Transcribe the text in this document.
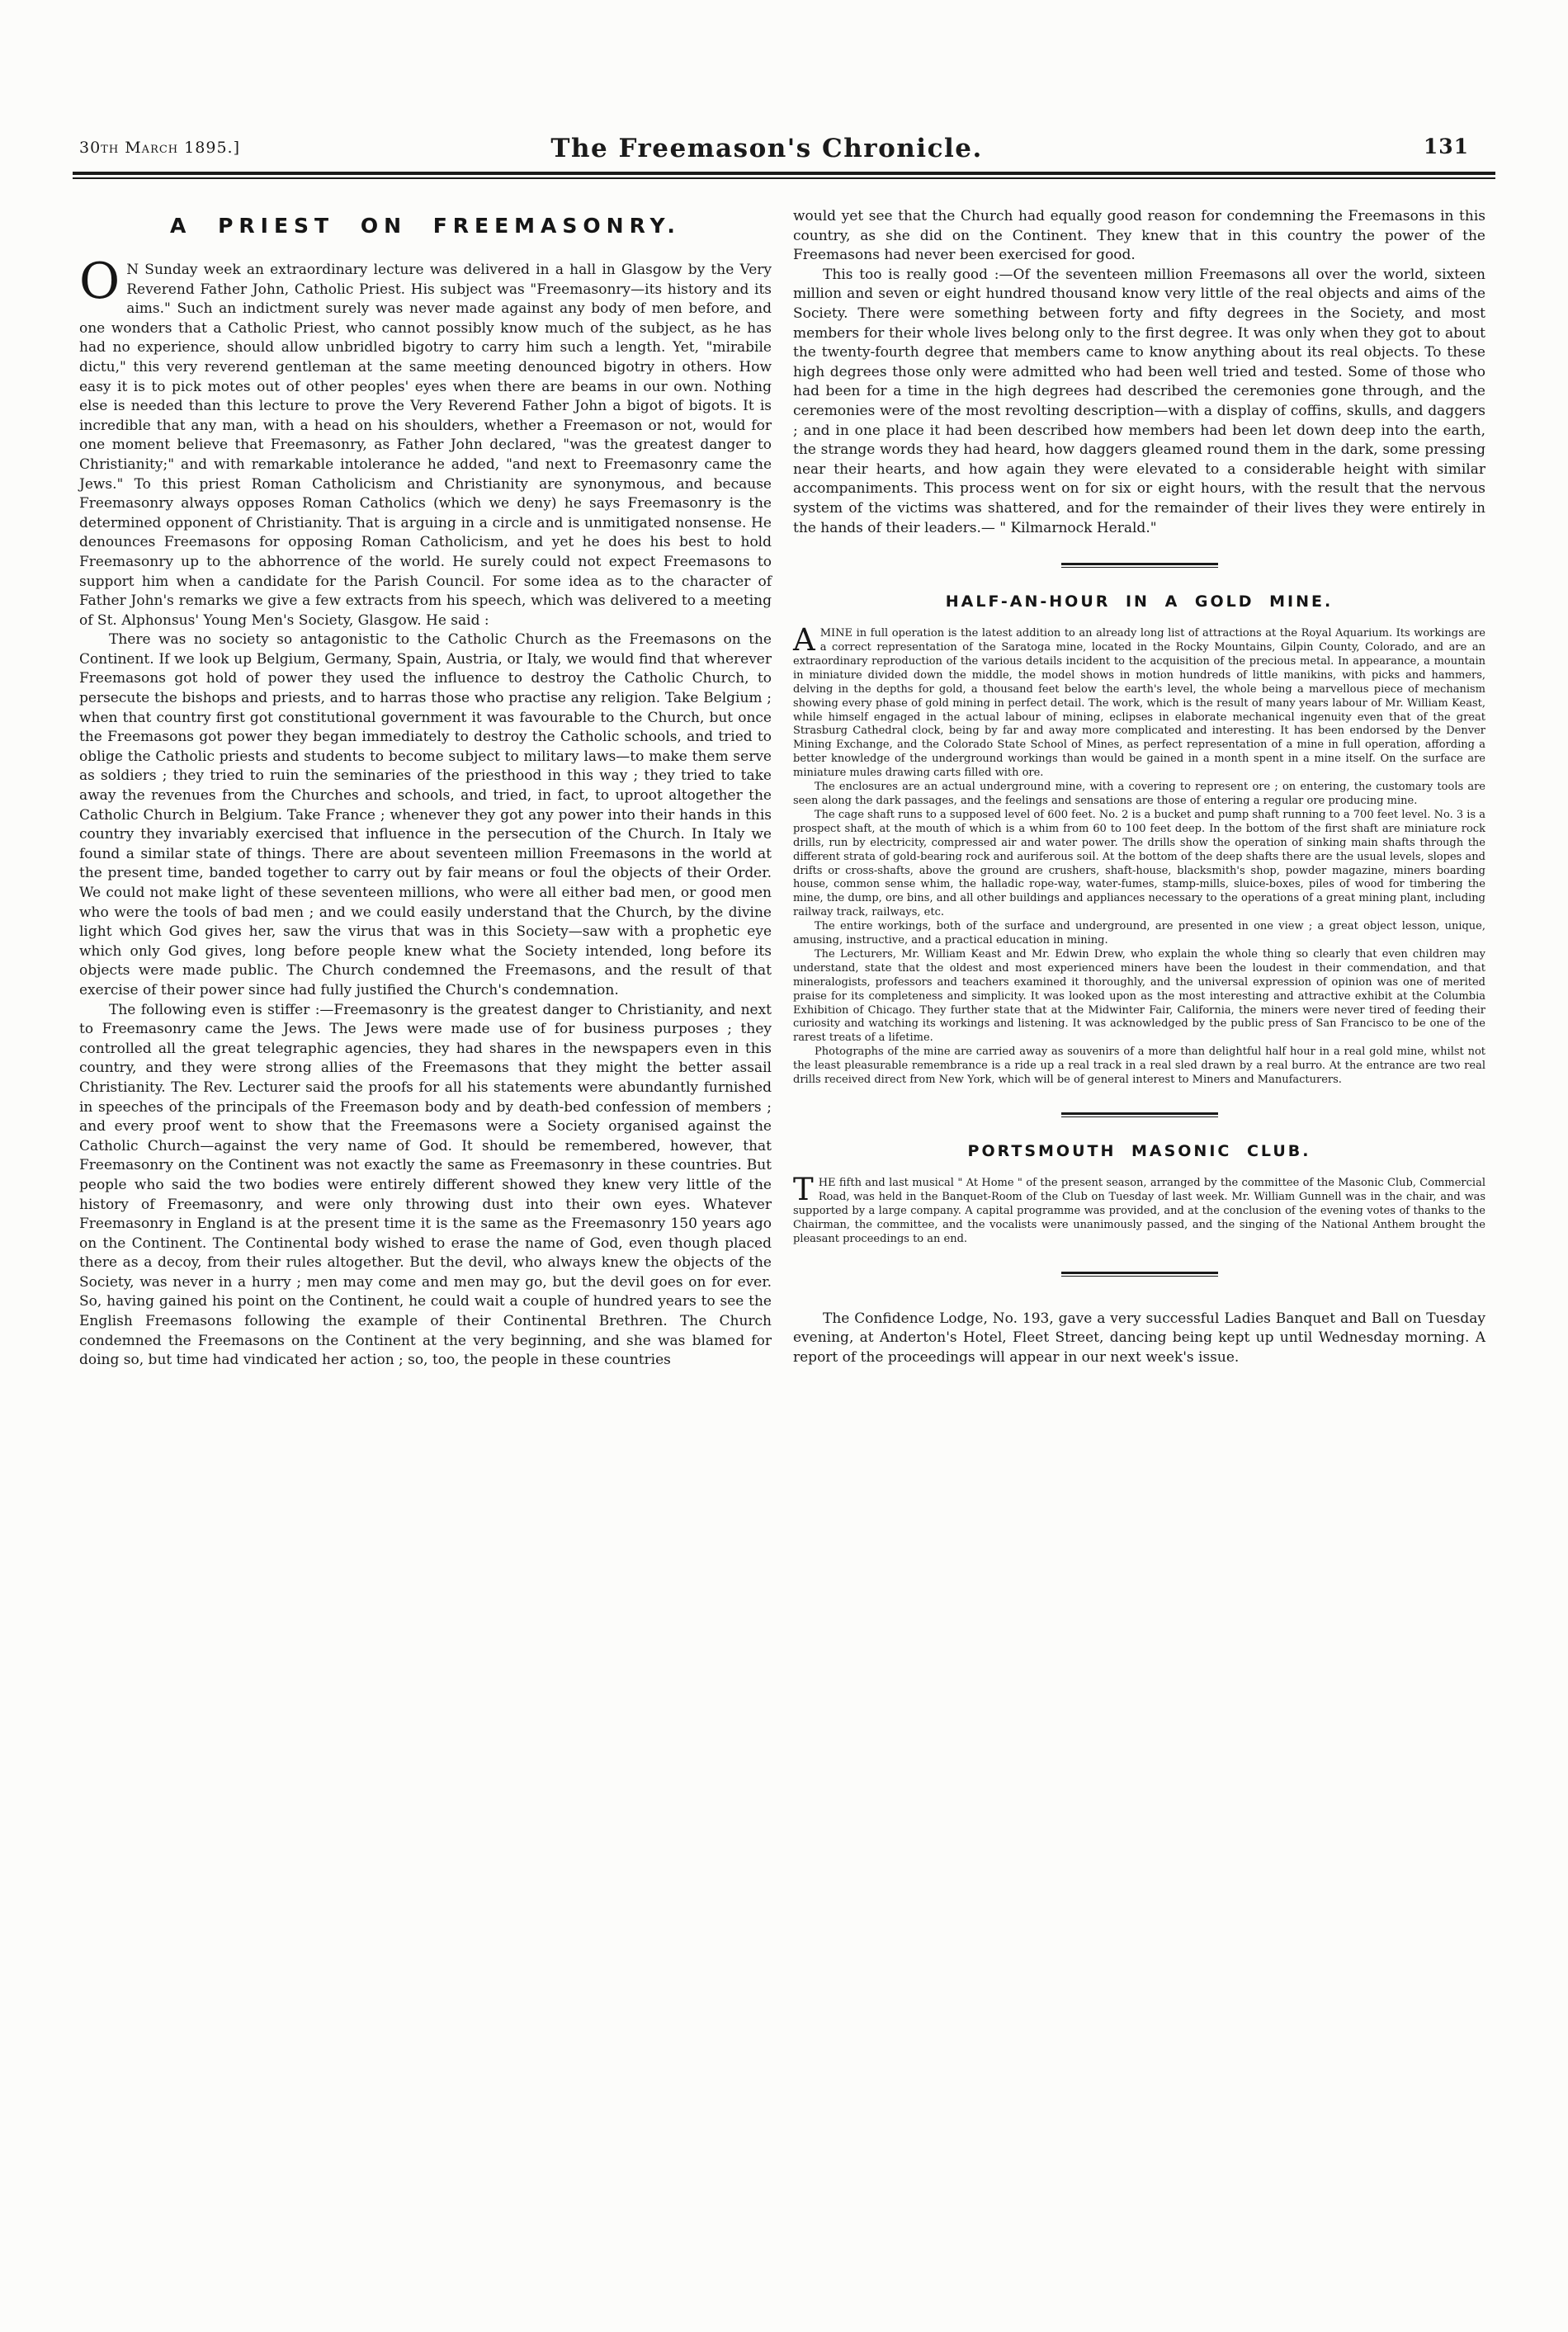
30th March 1895.]	The Freemason's Chronicle.	131
A PRIEST ON FREEMASONRY.

O N Sunday week an extraordinary lecture was delivered in a hall in Glasgow by the Very Reverend Father John, Catholic Priest. His subject was "Freemasonry—its history and its aims." Such an indictment surely was never made against any body of men before, and one wonders that a Catholic Priest, who cannot possibly know much of the subject, as he has had no experience, should allow unbridled bigotry to carry him such a length. Yet, "mirabile dictu," this very reverend gentleman at the same meeting denounced bigotry in others. How easy it is to pick motes out of other peoples' eyes when there are beams in our own. Nothing else is needed than this lecture to prove the Very Reverend Father John a bigot of bigots. It is incredible that any man, with a head on his shoulders, whether a Freemason or not, would for one moment believe that Freemasonry, as Father John declared, "was the greatest danger to Christianity;" and with remarkable intolerance he added, "and next to Freemasonry came the Jews." To this priest Roman Catholicism and Christianity are synonymous, and because Freemasonry always opposes Roman Catholics (which we deny) he says Freemasonry is the determined opponent of Christianity. That is arguing in a circle and is unmitigated nonsense. He denounces Freemasons for opposing Roman Catholicism, and yet he does his best to hold Freemasonry up to the abhorrence of the world. He surely could not expect Freemasons to support him when a candidate for the Parish Council. For some idea as to the character of Father John's remarks we give a few extracts from his speech, which was delivered to a meeting of St. Alphonsus' Young Men's Society, Glasgow. He said :

There was no society so antagonistic to the Catholic Church as the Freemasons on the Continent. If we look up Belgium, Germany, Spain, Austria, or Italy, we would find that wherever Freemasons got hold of power they used the influence to destroy the Catholic Church, to persecute the bishops and priests, and to harras those who practise any religion. Take Belgium ; when that country first got constitutional government it was favourable to the Church, but once the Freemasons got power they began immediately to destroy the Catholic schools, and tried to oblige the Catholic priests and students to become subject to military laws—to make them serve as soldiers ; they tried to ruin the seminaries of the priesthood in this way ; they tried to take away the revenues from the Churches and schools, and tried, in fact, to uproot altogether the Catholic Church in Belgium. Take France ; whenever they got any power into their hands in this country they invariably exercised that influence in the persecution of the Church. In Italy we found a similar state of things. There are about seventeen million Freemasons in the world at the present time, banded together to carry out by fair means or foul the objects of their Order. We could not make light of these seventeen millions, who were all either bad men, or good men who were the tools of bad men ; and we could easily understand that the Church, by the divine light which God gives her, saw the virus that was in this Society—saw with a prophetic eye which only God gives, long before people knew what the Society intended, long before its objects were made public. The Church condemned the Freemasons, and the result of that exercise of their power since had fully justified the Church's condemnation.

The following even is stiffer :—Freemasonry is the greatest danger to Christianity, and next to Freemasonry came the Jews. The Jews were made use of for business purposes ; they controlled all the great telegraphic agencies, they had shares in the newspapers even in this country, and they were strong allies of the Freemasons that they might the better assail Christianity. The Rev. Lecturer said the proofs for all his statements were abundantly furnished in speeches of the principals of the Freemason body and by death-bed confession of members ; and every proof went to show that the Freemasons were a Society organised against the Catholic Church—against the very name of God. It should be remembered, however, that Freemasonry on the Continent was not exactly the same as Freemasonry in these countries. But people who said the two bodies were entirely different showed they knew very little of the history of Freemasonry, and were only throwing dust into their own eyes. Whatever Freemasonry in England is at the present time it is the same as the Freemasonry 150 years ago on the Continent. The Continental body wished to erase the name of God, even though placed there as a decoy, from their rules altogether. But the devil, who always knew the objects of the Society, was never in a hurry ; men may come and men may go, but the devil goes on for ever. So, having gained his point on the Continent, he could wait a couple of hundred years to see the English Freemasons following the example of their Continental Brethren. The Church condemned the Freemasons on the Continent at the very beginning, and she was blamed for doing so, but time had vindicated her action ; so, too, the people in these countries

would yet see that the Church had equally good reason for condemning the Freemasons in this country, as she did on the Continent. They knew that in this country the power of the Freemasons had never been exercised for good.

This too is really good :—Of the seventeen million Freemasons all over the world, sixteen million and seven or eight hundred thousand know very little of the real objects and aims of the Society. There were something between forty and fifty degrees in the Society, and most members for their whole lives belong only to the first degree. It was only when they got to about the twenty-fourth degree that members came to know anything about its real objects. To these high degrees those only were admitted who had been well tried and tested. Some of those who had been for a time in the high degrees had described the ceremonies gone through, and the ceremonies were of the most revolting description—with a display of coffins, skulls, and daggers ; and in one place it had been described how members had been let down deep into the earth, the strange words they had heard, how daggers gleamed round them in the dark, some pressing near their hearts, and how again they were elevated to a considerable height with similar accompaniments. This process went on for six or eight hours, with the result that the nervous system of the victims was shattered, and for the remainder of their lives they were entirely in the hands of their leaders.— " Kilmarnock Herald."

HALF-AN-HOUR IN A GOLD MINE.

AMINE in full operation is the latest addition to an already long list of attractions at the Royal Aquarium. Its workings are a correct representation of the Saratoga mine, located in the Rocky Mountains, Gilpin County, Colorado, and are an extraordinary reproduction of the various details incident to the acquisition of the precious metal. In appearance, a mountain in miniature divided down the middle, the model shows in motion hundreds of little manikins, with picks and hammers, delving in the depths for gold, a thousand feet below the earth's level, the whole being a marvellous piece of mechanism showing every phase of gold mining in perfect detail. The work, which is the result of many years labour of Mr. William Keast, while himself engaged in the actual labour of mining, eclipses in elaborate mechanical ingenuity even that of the great Strasburg Cathedral clock, being by far and away more complicated and interesting. It has been endorsed by the Denver Mining Exchange, and the Colorado State School of Mines, as perfect representation of a mine in full operation, affording a better knowledge of the underground workings than would be gained in a month spent in a mine itself. On the surface are miniature mules drawing carts filled with ore.

The enclosures are an actual underground mine, with a covering to represent ore ; on entering, the customary tools are seen along the dark passages, and the feelings and sensations are those of entering a regular ore producing mine.

The cage shaft runs to a supposed level of 600 feet. No. 2 is a bucket and pump shaft running to a 700 feet level. No. 3 is a prospect shaft, at the mouth of which is a whim from 60 to 100 feet deep. In the bottom of the first shaft are miniature rock drills, run by electricity, compressed air and water power. The drills show the operation of sinking main shafts through the different strata of gold-bearing rock and auriferous soil. At the bottom of the deep shafts there are the usual levels, slopes and drifts or cross-shafts, above the ground are crushers, shaft-house, blacksmith's shop, powder magazine, miners boarding house, common sense whim, the halladic rope-way, water-fumes, stamp-mills, sluice-boxes, piles of wood for timbering the mine, the dump, ore bins, and all other buildings and appliances necessary to the operations of a great mining plant, including railway track, railways, etc.

The entire workings, both of the surface and underground, are presented in one view ; a great object lesson, unique, amusing, instructive, and a practical education in mining.

The Lecturers, Mr. William Keast and Mr. Edwin Drew, who explain the whole thing so clearly that even children may understand, state that the oldest and most experienced miners have been the loudest in their commendation, and that mineralogists, professors and teachers examined it thoroughly, and the universal expression of opinion was one of merited praise for its completeness and simplicity. It was looked upon as the most interesting and attractive exhibit at the Columbia Exhibition of Chicago. They further state that at the Midwinter Fair, California, the miners were never tired of feeding their curiosity and watching its workings and listening. It was acknowledged by the public press of San Francisco to be one of the rarest treats of a lifetime.

Photographs of the mine are carried away as souvenirs of a more than delightful half hour in a real gold mine, whilst not the least pleasurable remembrance is a ride up a real track in a real sled drawn by a real burro. At the entrance are two real drills received direct from New York, which will be of general interest to Miners and Manufacturers.

PORTSMOUTH MASONIC CLUB.

THE fifth and last musical " At Home " of the present season, arranged by the committee of the Masonic Club, Commercial Road, was held in the Banquet-Room of the Club on Tuesday of last week. Mr. William Gunnell was in the chair, and was supported by a large company. A capital programme was provided, and at the conclusion of the evening votes of thanks to the Chairman, the committee, and the vocalists were unanimously passed, and the singing of the National Anthem brought the pleasant proceedings to an end.

The Confidence Lodge, No. 193, gave a very successful Ladies Banquet and Ball on Tuesday evening, at Anderton's Hotel, Fleet Street, dancing being kept up until Wednesday morning. A report of the proceedings will appear in our next week's issue.
